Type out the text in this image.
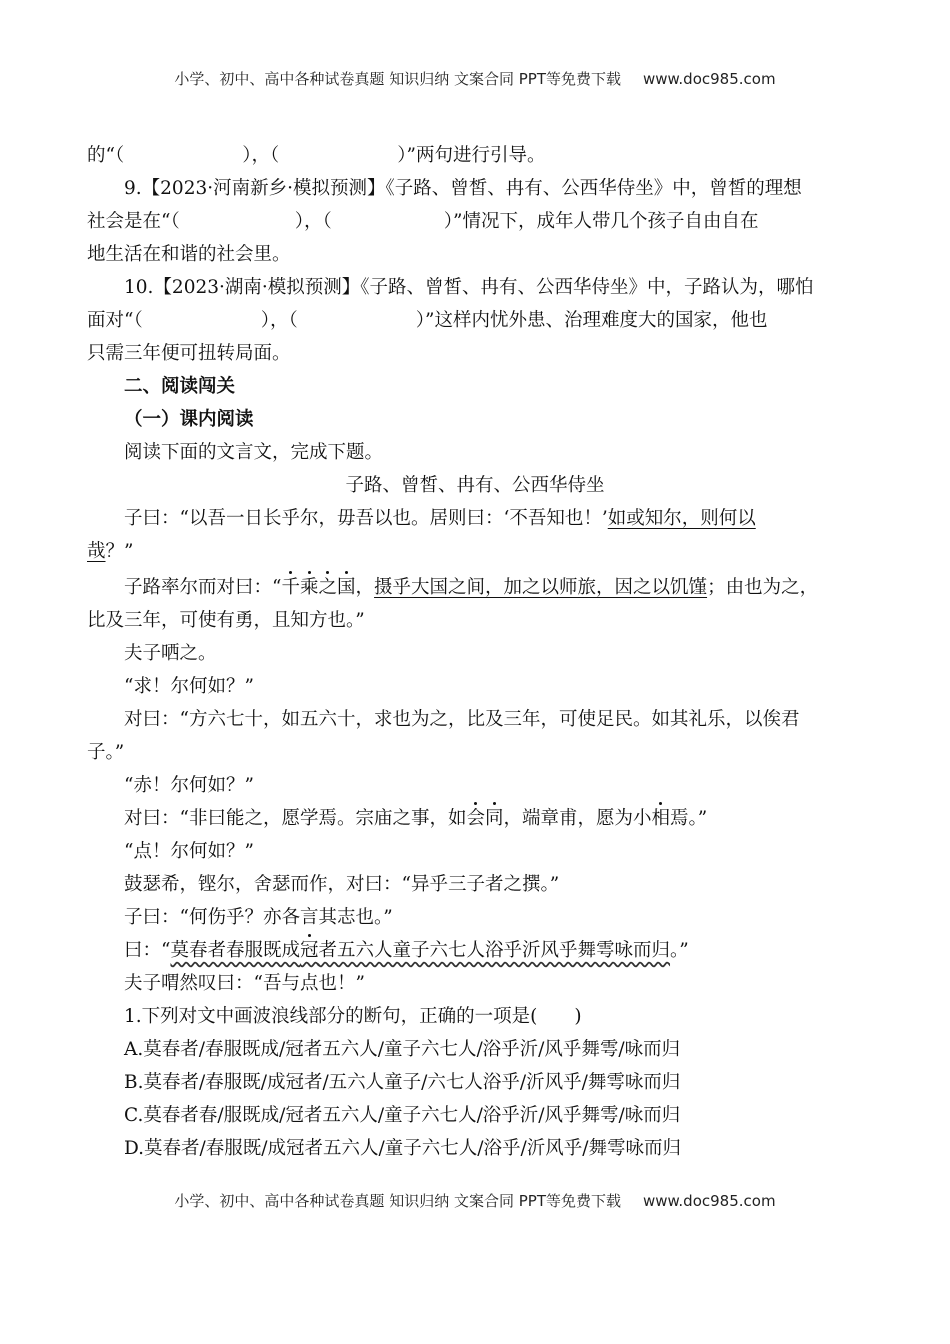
小学、初中、高中各种试卷真题 知识归纳 文案合同 PPT等免费下载 www.doc985.com

的“（	），（	）”两句进行引导。

9.【2023·河南新乡·模拟预测】《子路、曾皙、冉有、公西华侍坐》中，曾皙的理想

社会是在“（	），（	）”情况下，成年人带几个孩子自由自在

地生活在和谐的社会里。

10.【2023·湖南·模拟预测】《子路、曾皙、冉有、公西华侍坐》中，子路认为，哪怕

面对“（	），（	）”这样内忧外患、治理难度大的国家，他也

只需三年便可扭转局面。

二、阅读闯关

（一）课内阅读

阅读下面的文言文，完成下题。

子路、曾皙、冉有、公西华侍坐

子曰：“以吾一日长乎尔，毋吾以也。居则曰：‘不吾知也！’如或知尔，则何以
哉？”

子路率尔而对曰：“千乘之国，摄乎大国之间，加之以师旅，因之以饥馑；由也为之，
比及三年，可使有勇，且知方也。”

夫子哂之。

“求！尔何如？”

对曰：“方六七十，如五六十，求也为之，比及三年，可使足民。如其礼乐，以俟君
子。”

“赤！尔何如？”

对曰：“非曰能之，愿学焉。宗庙之事，如会同，端章甫，愿为小相焉。”

“点！尔何如？”

鼓瑟希，铿尔，舍瑟而作，对曰：“异乎三子者之撰。”

子曰：“何伤乎？亦各言其志也。”

曰：“莫春者春服既成冠者五六人童子六七人浴乎沂风乎舞雩咏而归。”

夫子喟然叹曰：“吾与点也！”

1.下列对文中画波浪线部分的断句，正确的一项是(　　)

A.莫春者/春服既成/冠者五六人/童子六七人/浴乎沂/风乎舞雩/咏而归

B.莫春者/春服既/成冠者/五六人童子/六七人浴乎/沂风乎/舞雩咏而归

C.莫春者春/服既成/冠者五六人/童子六七人/浴乎沂/风乎舞雩/咏而归

D.莫春者/春服既/成冠者五六人/童子六七人/浴乎/沂风乎/舞雩咏而归

小学、初中、高中各种试卷真题 知识归纳 文案合同 PPT等免费下载 www.doc985.com
